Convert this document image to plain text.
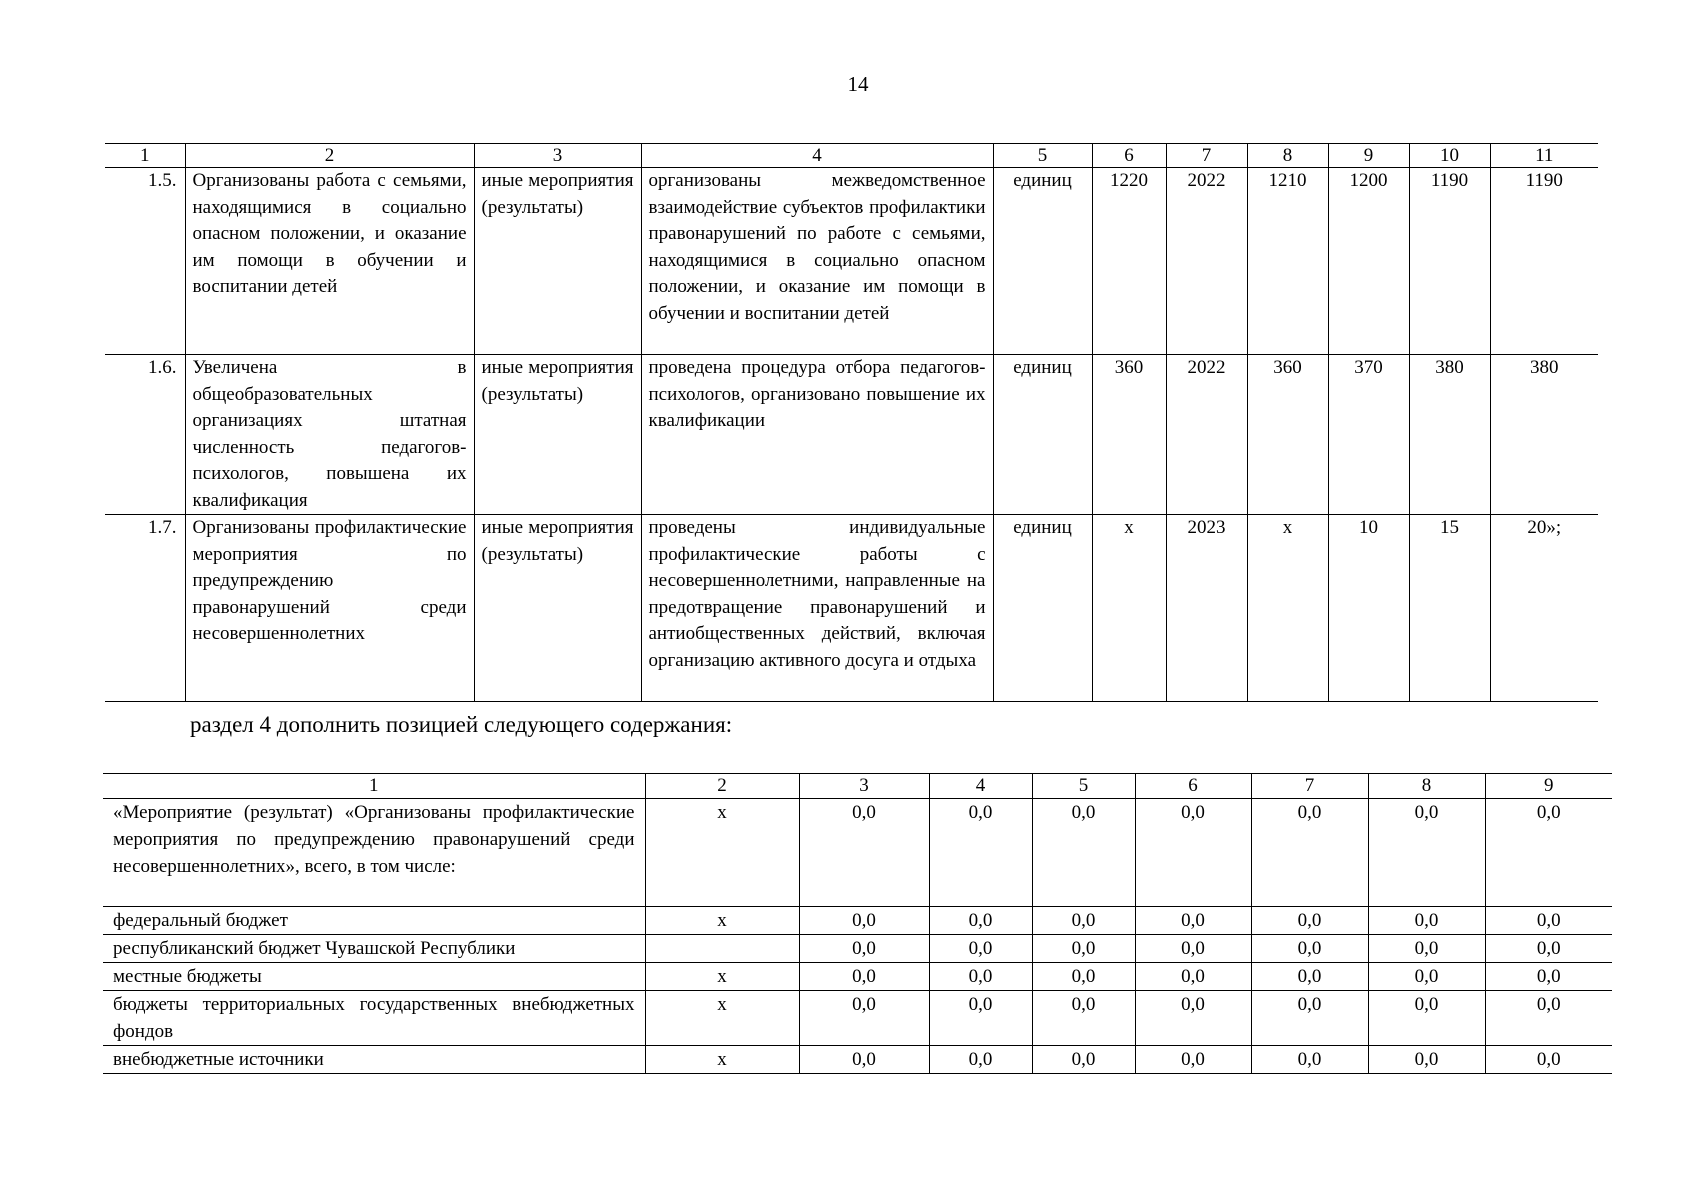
14
1	2	3	4	5	6	7	8	9	10	11
1.5.	Организованы работа с семьями, находящимися в социально опасном положении, и оказание им помощи в обучении и воспитании детей	иные мероприятия (результаты)	организованы межведомственное взаимодействие субъектов профилактики правонарушений по работе с семьями, находящимися в социально опасном положении, и оказание им помощи в обучении и воспитании детей	единиц	1220	2022	1210	1200	1190	1190
1.6.	Увеличена в общеобразовательных организациях штатная численность педагогов-психологов, повышена их квалификация	иные мероприятия (результаты)	проведена процедура отбора педагогов-психологов, организовано повышение их квалификации	единиц	360	2022	360	370	380	380
1.7.	Организованы профилактические мероприятия по предупреждению правонарушений среди несовершеннолетних	иные мероприятия (результаты)	проведены индивидуальные профилактические работы с несовершеннолетними, направленные на предотвращение правонарушений и антиобщественных действий, включая организацию активного досуга и отдыха	единиц	х	2023	х	10	15	20»;
раздел 4 дополнить позицией следующего содержания:
1	2	3	4	5	6	7	8	9
«Мероприятие (результат) «Организованы профилактические мероприятия по предупреждению правонарушений среди несовершеннолетних», всего, в том числе:	х	0,0	0,0	0,0	0,0	0,0	0,0	0,0
федеральный бюджет	х	0,0	0,0	0,0	0,0	0,0	0,0	0,0
республиканский бюджет Чувашской Республики		0,0	0,0	0,0	0,0	0,0	0,0	0,0
местные бюджеты	х	0,0	0,0	0,0	0,0	0,0	0,0	0,0
бюджеты территориальных государственных внебюджетных фондов	х	0,0	0,0	0,0	0,0	0,0	0,0	0,0
внебюджетные источники	х	0,0	0,0	0,0	0,0	0,0	0,0	0,0
